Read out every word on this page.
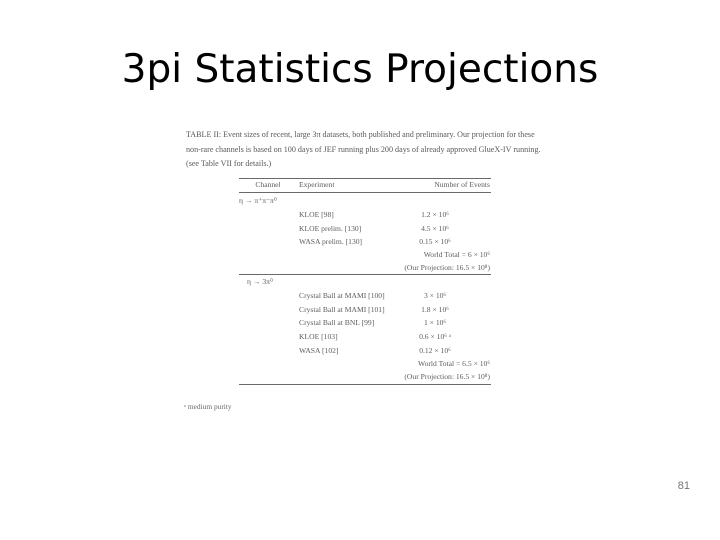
3pi Statistics Projections
TABLE II: Event sizes of recent, large 3π datasets, both published and preliminary. Our projection for these
non-rare channels is based on 100 days of JEF running plus 200 days of already approved GlueX-IV running.
(see Table VII for details.)
Channel	Experiment	Number of Events
η → π⁺π⁻π⁰
KLOE [98]	1.2 × 10⁶
KLOE prelim. [130]	4.5 × 10⁶
WASA prelim. [130]	0.15 × 10⁶
World Total = 6 × 10⁶
(Our Projection: 16.5 × 10⁸)
η → 3π⁰
Crystal Ball at MAMI [100]	3 × 10⁶
Crystal Ball at MAMI [101]	1.8 × 10⁶
Crystal Ball at BNL [99]	1 × 10⁶
KLOE [103]	0.6 × 10⁶ ᵃ
WASA [102]	0.12 × 10⁶
World Total = 6.5 × 10⁶
(Our Projection: 16.5 × 10⁸)
ᵃ medium purity
81
